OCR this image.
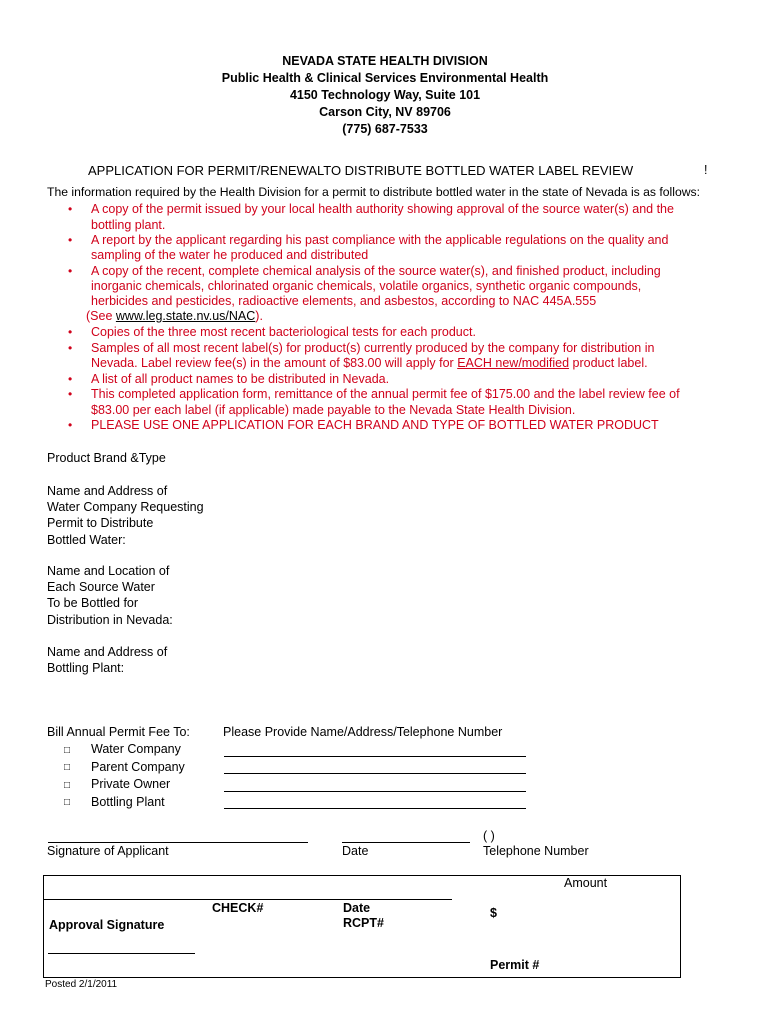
NEVADA STATE HEALTH DIVISION
Public Health & Clinical Services Environmental Health
4150 Technology Way, Suite 101
Carson City, NV 89706
(775) 687-7533
APPLICATION FOR PERMIT/RENEWALTO DISTRIBUTE BOTTLED WATER LABEL REVIEW	!
The information required by the Health Division for a permit to distribute bottled water in the state of Nevada is as follows:
• A copy of the permit issued by your local health authority showing approval of the source water(s) and the
bottling plant.
• A report by the applicant regarding his past compliance with the applicable regulations on the quality and
sampling of the water he produced and distributed
• A copy of the recent, complete chemical analysis of the source water(s), and finished product, including
inorganic chemicals, chlorinated organic chemicals, volatile organics, synthetic organic compounds,
herbicides and pesticides, radioactive elements, and asbestos, according to NAC 445A.555
(See www.leg.state.nv.us/NAC).
• Copies of the three most recent bacteriological tests for each product.
• Samples of all most recent label(s) for product(s) currently produced by the company for distribution in
Nevada. Label review fee(s) in the amount of $83.00 will apply for EACH new/modified product label.
• A list of all product names to be distributed in Nevada.
• This completed application form, remittance of the annual permit fee of $175.00 and the label review fee of
$83.00 per each label (if applicable) made payable to the Nevada State Health Division.
• PLEASE USE ONE APPLICATION FOR EACH BRAND AND TYPE OF BOTTLED WATER PRODUCT
Product Brand &Type
Name and Address of
Water Company Requesting
Permit to Distribute
Bottled Water:
Name and Location of
Each Source Water
To be Bottled for
Distribution in Nevada:
Name and Address of
Bottling Plant:
Bill Annual Permit Fee To:	Please Provide Name/Address/Telephone Number
□ Water Company
□ Parent Company
□ Private Owner
□ Bottling Plant
( )
Signature of Applicant	Date	Telephone Number
Amount
CHECK#	Date
RCPT#
$
Approval Signature
Permit #
Posted 2/1/2011
